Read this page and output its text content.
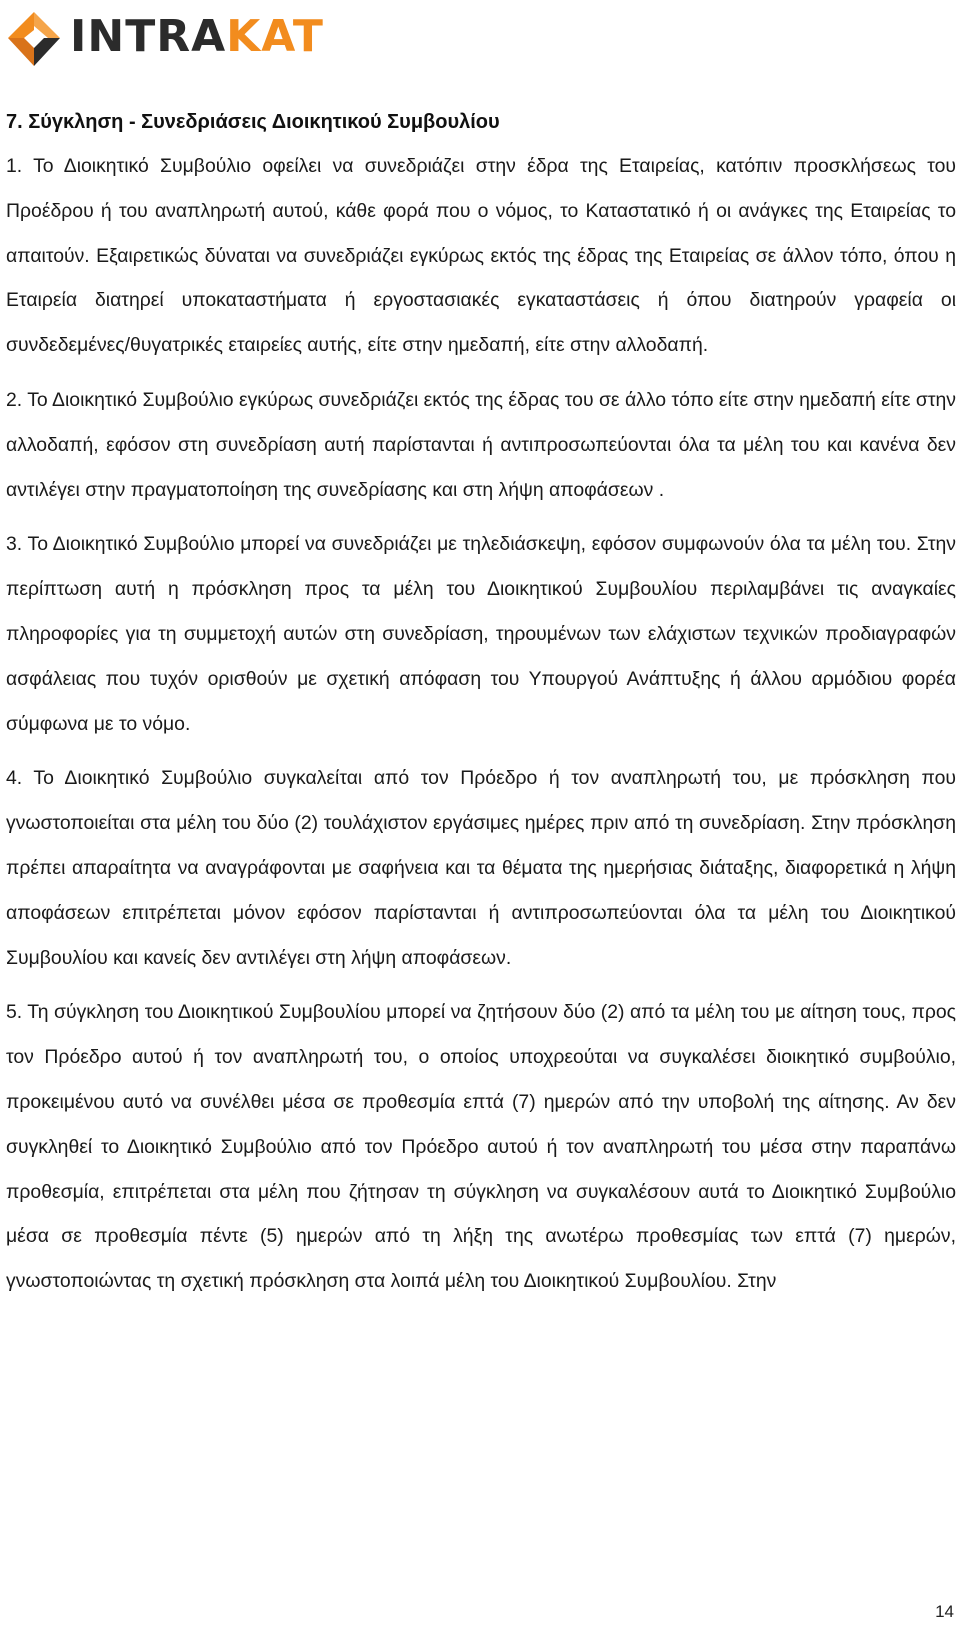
INTRA KAT
7. Σύγκληση - Συνεδριάσεις Διοικητικού Συμβουλίου

1. Το Διοικητικό Συμβούλιο οφείλει να συνεδριάζει στην έδρα της Εταιρείας, κατόπιν προσκλήσεως του Προέδρου ή του αναπληρωτή αυτού, κάθε φορά που ο νόμος, το Καταστατικό ή οι ανάγκες της Εταιρείας το απαιτούν. Εξαιρετικώς δύναται να συνεδριάζει εγκύρως εκτός της έδρας της Εταιρείας σε άλλον τόπο, όπου η Εταιρεία διατηρεί υποκαταστήματα ή εργοστασιακές εγκαταστάσεις ή όπου διατηρούν γραφεία οι συνδεδεμένες/θυγατρικές εταιρείες αυτής, είτε στην ημεδαπή, είτε στην αλλοδαπή.

2. Το Διοικητικό Συμβούλιο εγκύρως συνεδριάζει εκτός της έδρας του σε άλλο τόπο είτε στην ημεδαπή είτε στην αλλοδαπή, εφόσον στη συνεδρίαση αυτή παρίστανται ή αντιπροσωπεύονται όλα τα μέλη του και κανένα δεν αντιλέγει στην πραγματοποίηση της συνεδρίασης και στη λήψη αποφάσεων .

3. Το Διοικητικό Συμβούλιο μπορεί να συνεδριάζει με τηλεδιάσκεψη, εφόσον συμφωνούν όλα τα μέλη του. Στην περίπτωση αυτή η πρόσκληση προς τα μέλη του Διοικητικού Συμβουλίου περιλαμβάνει τις αναγκαίες πληροφορίες για τη συμμετοχή αυτών στη συνεδρίαση, τηρουμένων των ελάχιστων τεχνικών προδιαγραφών ασφάλειας που τυχόν ορισθούν με σχετική απόφαση του Υπουργού Ανάπτυξης ή άλλου αρμόδιου φορέα σύμφωνα με το νόμο.

4. Το Διοικητικό Συμβούλιο συγκαλείται από τον Πρόεδρο ή τον αναπληρωτή του, με πρόσκληση που γνωστοποιείται στα μέλη του δύο (2) τουλάχιστον εργάσιμες ημέρες πριν από τη συνεδρίαση. Στην πρόσκληση πρέπει απαραίτητα να αναγράφονται με σαφήνεια και τα θέματα της ημερήσιας διάταξης, διαφορετικά η λήψη αποφάσεων επιτρέπεται μόνον εφόσον παρίστανται ή αντιπροσωπεύονται όλα τα μέλη του Διοικητικού Συμβουλίου και κανείς δεν αντιλέγει στη λήψη αποφάσεων.

5. Τη σύγκληση του Διοικητικού Συμβουλίου μπορεί να ζητήσουν δύο (2) από τα μέλη του με αίτηση τους, προς τον Πρόεδρο αυτού ή τον αναπληρωτή του, ο οποίος υποχρεούται να συγκαλέσει διοικητικό συμβούλιο, προκειμένου αυτό να συνέλθει μέσα σε προθεσμία επτά (7) ημερών από την υποβολή της αίτησης. Αν δεν συγκληθεί το Διοικητικό Συμβούλιο από τον Πρόεδρο αυτού ή τον αναπληρωτή του μέσα στην παραπάνω προθεσμία, επιτρέπεται στα μέλη που ζήτησαν τη σύγκληση να συγκαλέσουν αυτά το Διοικητικό Συμβούλιο μέσα σε προθεσμία πέντε (5) ημερών από τη λήξη της ανωτέρω προθεσμίας των επτά (7) ημερών, γνωστοποιώντας τη σχετική πρόσκληση στα λοιπά μέλη του Διοικητικού Συμβουλίου. Στην

14
